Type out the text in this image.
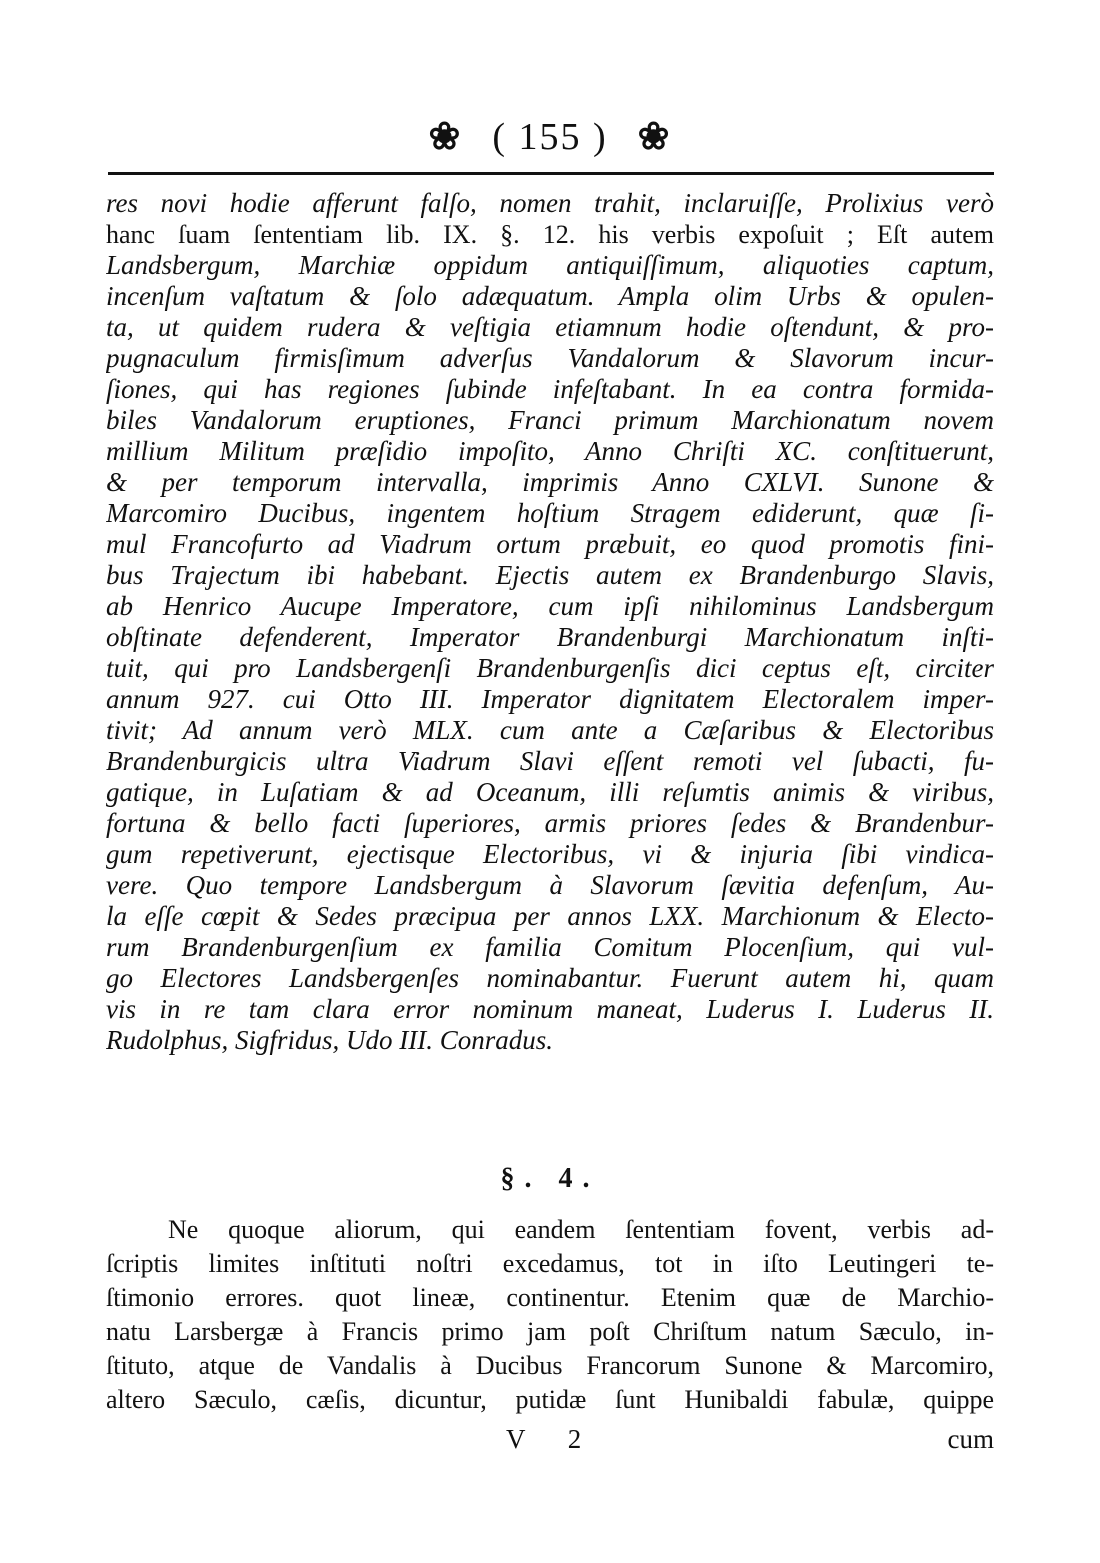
❀ ( 155 ) ❀
res novi hodie afferunt falſo, nomen trahit, inclaruiſſe, Prolixius verò
hanc ſuam ſententiam lib. IX. §. 12. his verbis expoſuit ; Eſt autem
Landsbergum, Marchiæ oppidum antiquiſſimum, aliquoties captum,
incenſum vaſtatum & ſolo adæquatum. Ampla olim Urbs & opulen-
ta, ut quidem rudera & veſtigia etiamnum hodie oſtendunt, & pro-
pugnaculum firmisſimum adverſus Vandalorum & Slavorum incur-
ſiones, qui has regiones ſubinde infeſtabant. In ea contra formida-
biles Vandalorum eruptiones, Franci primum Marchionatum novem
millium Militum præſidio impoſito, Anno Chriſti XC. conſtituerunt,
& per temporum intervalla, imprimis Anno CXLVI. Sunone &
Marcomiro Ducibus, ingentem hoſtium Stragem ediderunt, quæ ſi-
mul Francofurto ad Viadrum ortum præbuit, eo quod promotis fini-
bus Trajectum ibi habebant. Ejectis autem ex Brandenburgo Slavis,
ab Henrico Aucupe Imperatore, cum ipſi nihilominus Landsbergum
obſtinate defenderent, Imperator Brandenburgi Marchionatum inſti-
tuit, qui pro Landsbergenſi Brandenburgenſis dici ceptus eſt, circiter
annum 927. cui Otto III. Imperator dignitatem Electoralem imper-
tivit; Ad annum verò MLX. cum ante a Cæſaribus & Electoribus
Brandenburgicis ultra Viadrum Slavi eſſent remoti vel ſubacti, fu-
gatique, in Luſatiam & ad Oceanum, illi reſumtis animis & viribus,
fortuna & bello facti ſuperiores, armis priores ſedes & Brandenbur-
gum repetiverunt, ejectisque Electoribus, vi & injuria ſibi vindica-
vere. Quo tempore Landsbergum à Slavorum ſævitia defenſum, Au-
la eſſe cœpit & Sedes præcipua per annos LXX. Marchionum & Electo-
rum Brandenburgenſium ex familia Comitum Plocenſium, qui vul-
go Electores Landsbergenſes nominabantur. Fuerunt autem hi, quam
vis in re tam clara error nominum maneat, Luderus I. Luderus II.
Rudolphus, Sigfridus, Udo III. Conradus.
§. 4.
Ne quoque aliorum, qui eandem ſententiam fovent, verbis ad-
ſcriptis limites inſtituti noſtri excedamus, tot in iſto Leutingeri te-
ſtimonio errores. quot lineæ, continentur. Etenim quæ de Marchio-
natu Larsbergæ à Francis primo jam poſt Chriſtum natum Sæculo, in-
ſtituto, atque de Vandalis à Ducibus Francorum Sunone & Marcomiro,
altero Sæculo, cæſis, dicuntur, putidæ ſunt Hunibaldi fabulæ, quippe
V 2	cum
